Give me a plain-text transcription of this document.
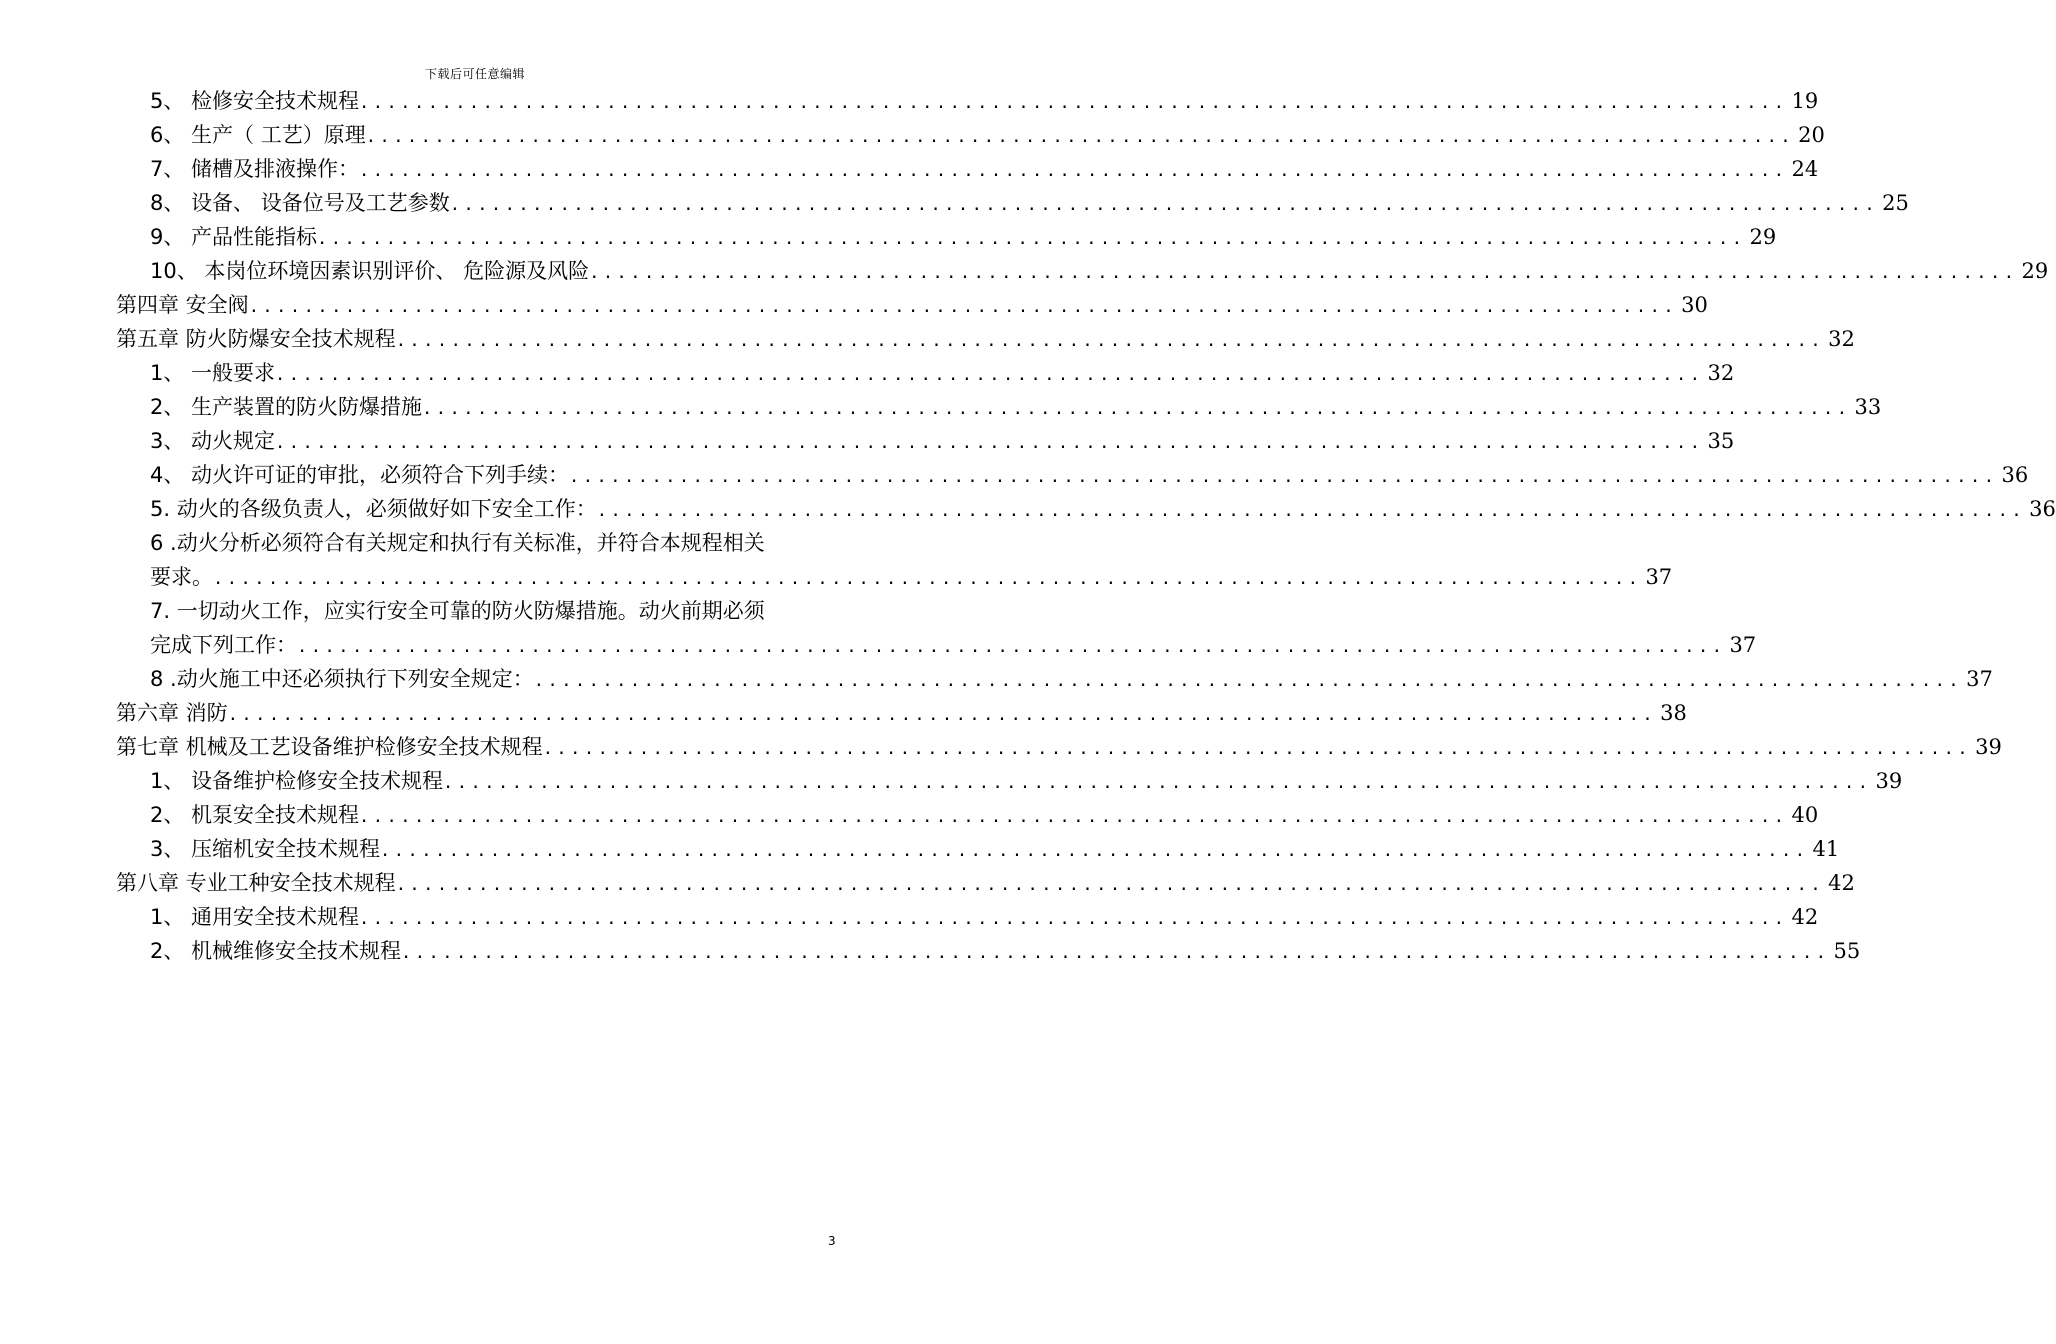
下载后可任意编辑
5、 检修安全技术规程 ........................................................................................................ 19
6、 生产（ 工艺）原理 ........................................................................................................ 20
7、 储槽及排液操作： ........................................................................................................ 24
8、 设备、 设备位号及工艺参数 ........................................................................................................ 25
9、 产品性能指标 ........................................................................................................ 29
10、 本岗位环境因素识别评价、 危险源及风险 ........................................................................................................ 29
第四章 安全阀 ........................................................................................................ 30
第五章 防火防爆安全技术规程 ........................................................................................................ 32
1、 一般要求 ........................................................................................................ 32
2、 生产装置的防火防爆措施 ........................................................................................................ 33
3、 动火规定 ........................................................................................................ 35
4、 动火许可证的审批，必须符合下列手续： ........................................................................................................ 36
5. 动火的各级负责人，必须做好如下安全工作： ........................................................................................................ 36
6 .动火分析必须符合有关规定和执行有关标准，并符合本规程相关
要求。 ........................................................................................................ 37
7. 一切动火工作，应实行安全可靠的防火防爆措施。动火前期必须
完成下列工作： ........................................................................................................ 37
8 .动火施工中还必须执行下列安全规定： ........................................................................................................ 37
第六章 消防 ........................................................................................................ 38
第七章 机械及工艺设备维护检修安全技术规程 ........................................................................................................ 39
1、 设备维护检修安全技术规程 ........................................................................................................ 39
2、 机泵安全技术规程 ........................................................................................................ 40
3、 压缩机安全技术规程 ........................................................................................................ 41
第八章 专业工种安全技术规程 ........................................................................................................ 42
1、 通用安全技术规程 ........................................................................................................ 42
2、 机械维修安全技术规程 ........................................................................................................ 55
3
